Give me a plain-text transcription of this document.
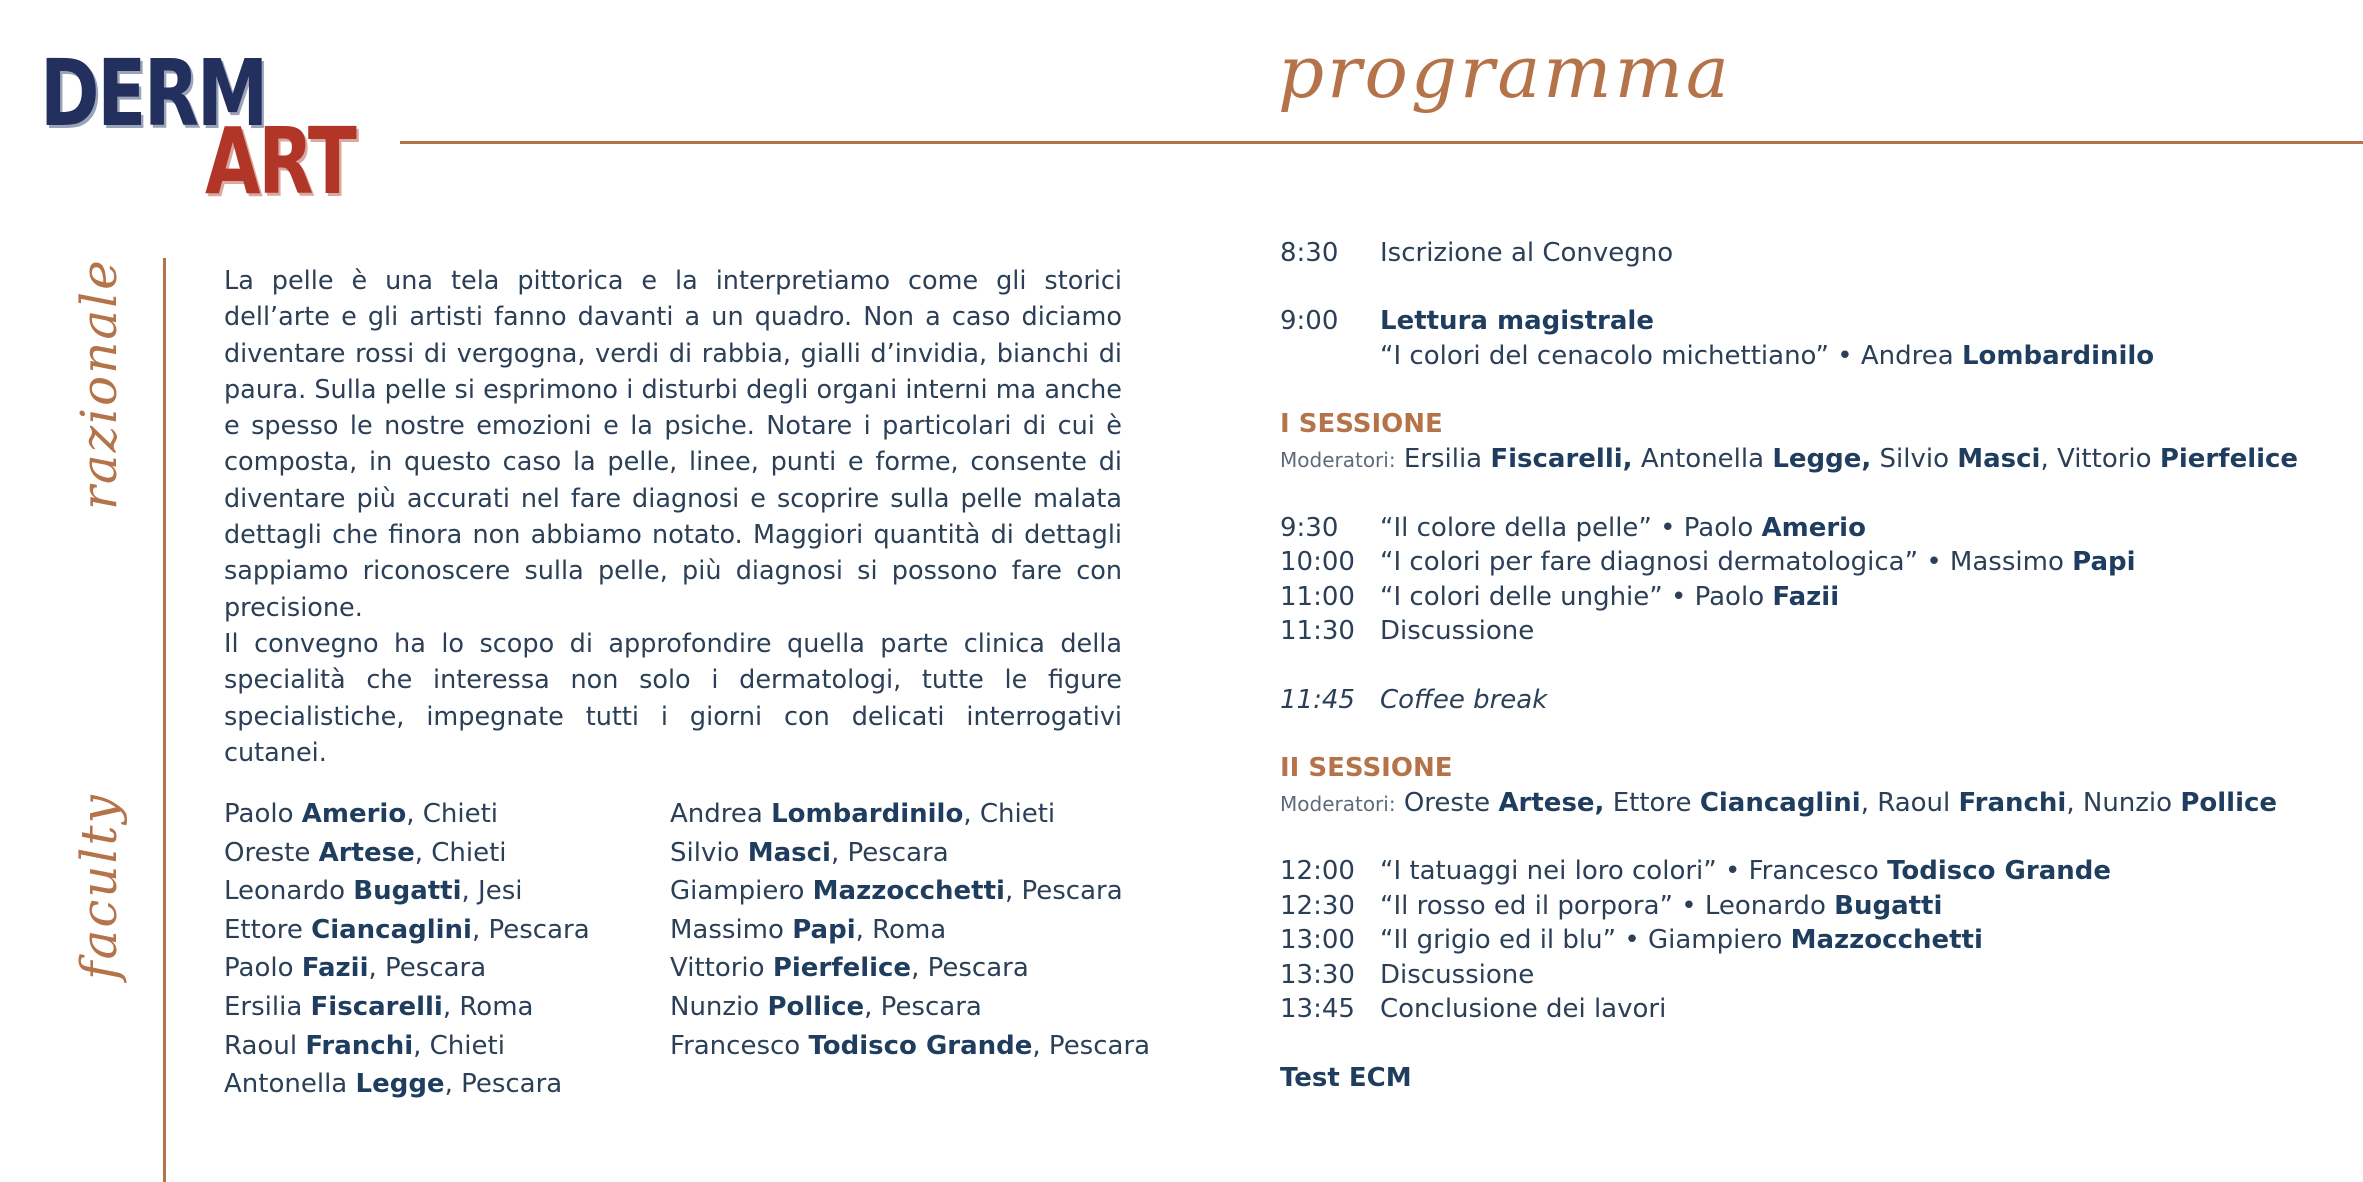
DERM
ART
programma
razionale
faculty

La pelle è una tela pittorica e la interpretiamo come gli storici dell’arte e gli artisti fanno davanti a un quadro. Non a caso diciamo diventare rossi di vergogna, verdi di rabbia, gialli d’invidia, bianchi di paura. Sulla pelle si esprimono i disturbi degli organi interni ma anche e spesso le nostre emozioni e la psiche. Notare i particolari di cui è composta, in questo caso la pelle, linee, punti e forme, consente di diventare più accurati nel fare diagnosi e scoprire sulla pelle malata dettagli che finora non abbiamo notato. Maggiori quantità di dettagli sappiamo riconoscere sulla pelle, più diagnosi si possono fare con precisione.

Il convegno ha lo scopo di approfondire quella parte clinica della specialità che interessa non solo i dermatologi, tutte le figure specialistiche, impegnate tutti i giorni con delicati interrogativi cutanei.

Paolo Amerio, Chieti
Oreste Artese, Chieti
Leonardo Bugatti, Jesi
Ettore Ciancaglini, Pescara
Paolo Fazii, Pescara
Ersilia Fiscarelli, Roma
Raoul Franchi, Chieti
Antonella Legge, Pescara
Andrea Lombardinilo, Chieti
Silvio Masci, Pescara
Giampiero Mazzocchetti, Pescara
Massimo Papi, Roma
Vittorio Pierfelice, Pescara
Nunzio Pollice, Pescara
Francesco Todisco Grande, Pescara
8:30 Iscrizione al Convegno
9:00 Lettura magistrale
“I colori del cenacolo michettiano” • Andrea Lombardinilo
I SESSIONE
Moderatori: Ersilia Fiscarelli, Antonella Legge, Silvio Masci, Vittorio Pierfelice
9:30 “Il colore della pelle” • Paolo Amerio
10:00 “I colori per fare diagnosi dermatologica” • Massimo Papi
11:00 “I colori delle unghie” • Paolo Fazii
11:30 Discussione
11:45 Coffee break
II SESSIONE
Moderatori: Oreste Artese, Ettore Ciancaglini, Raoul Franchi, Nunzio Pollice
12:00 “I tatuaggi nei loro colori” • Francesco Todisco Grande
12:30 “Il rosso ed il porpora” • Leonardo Bugatti
13:00 “Il grigio ed il blu” • Giampiero Mazzocchetti
13:30 Discussione
13:45 Conclusione dei lavori
Test ECM
